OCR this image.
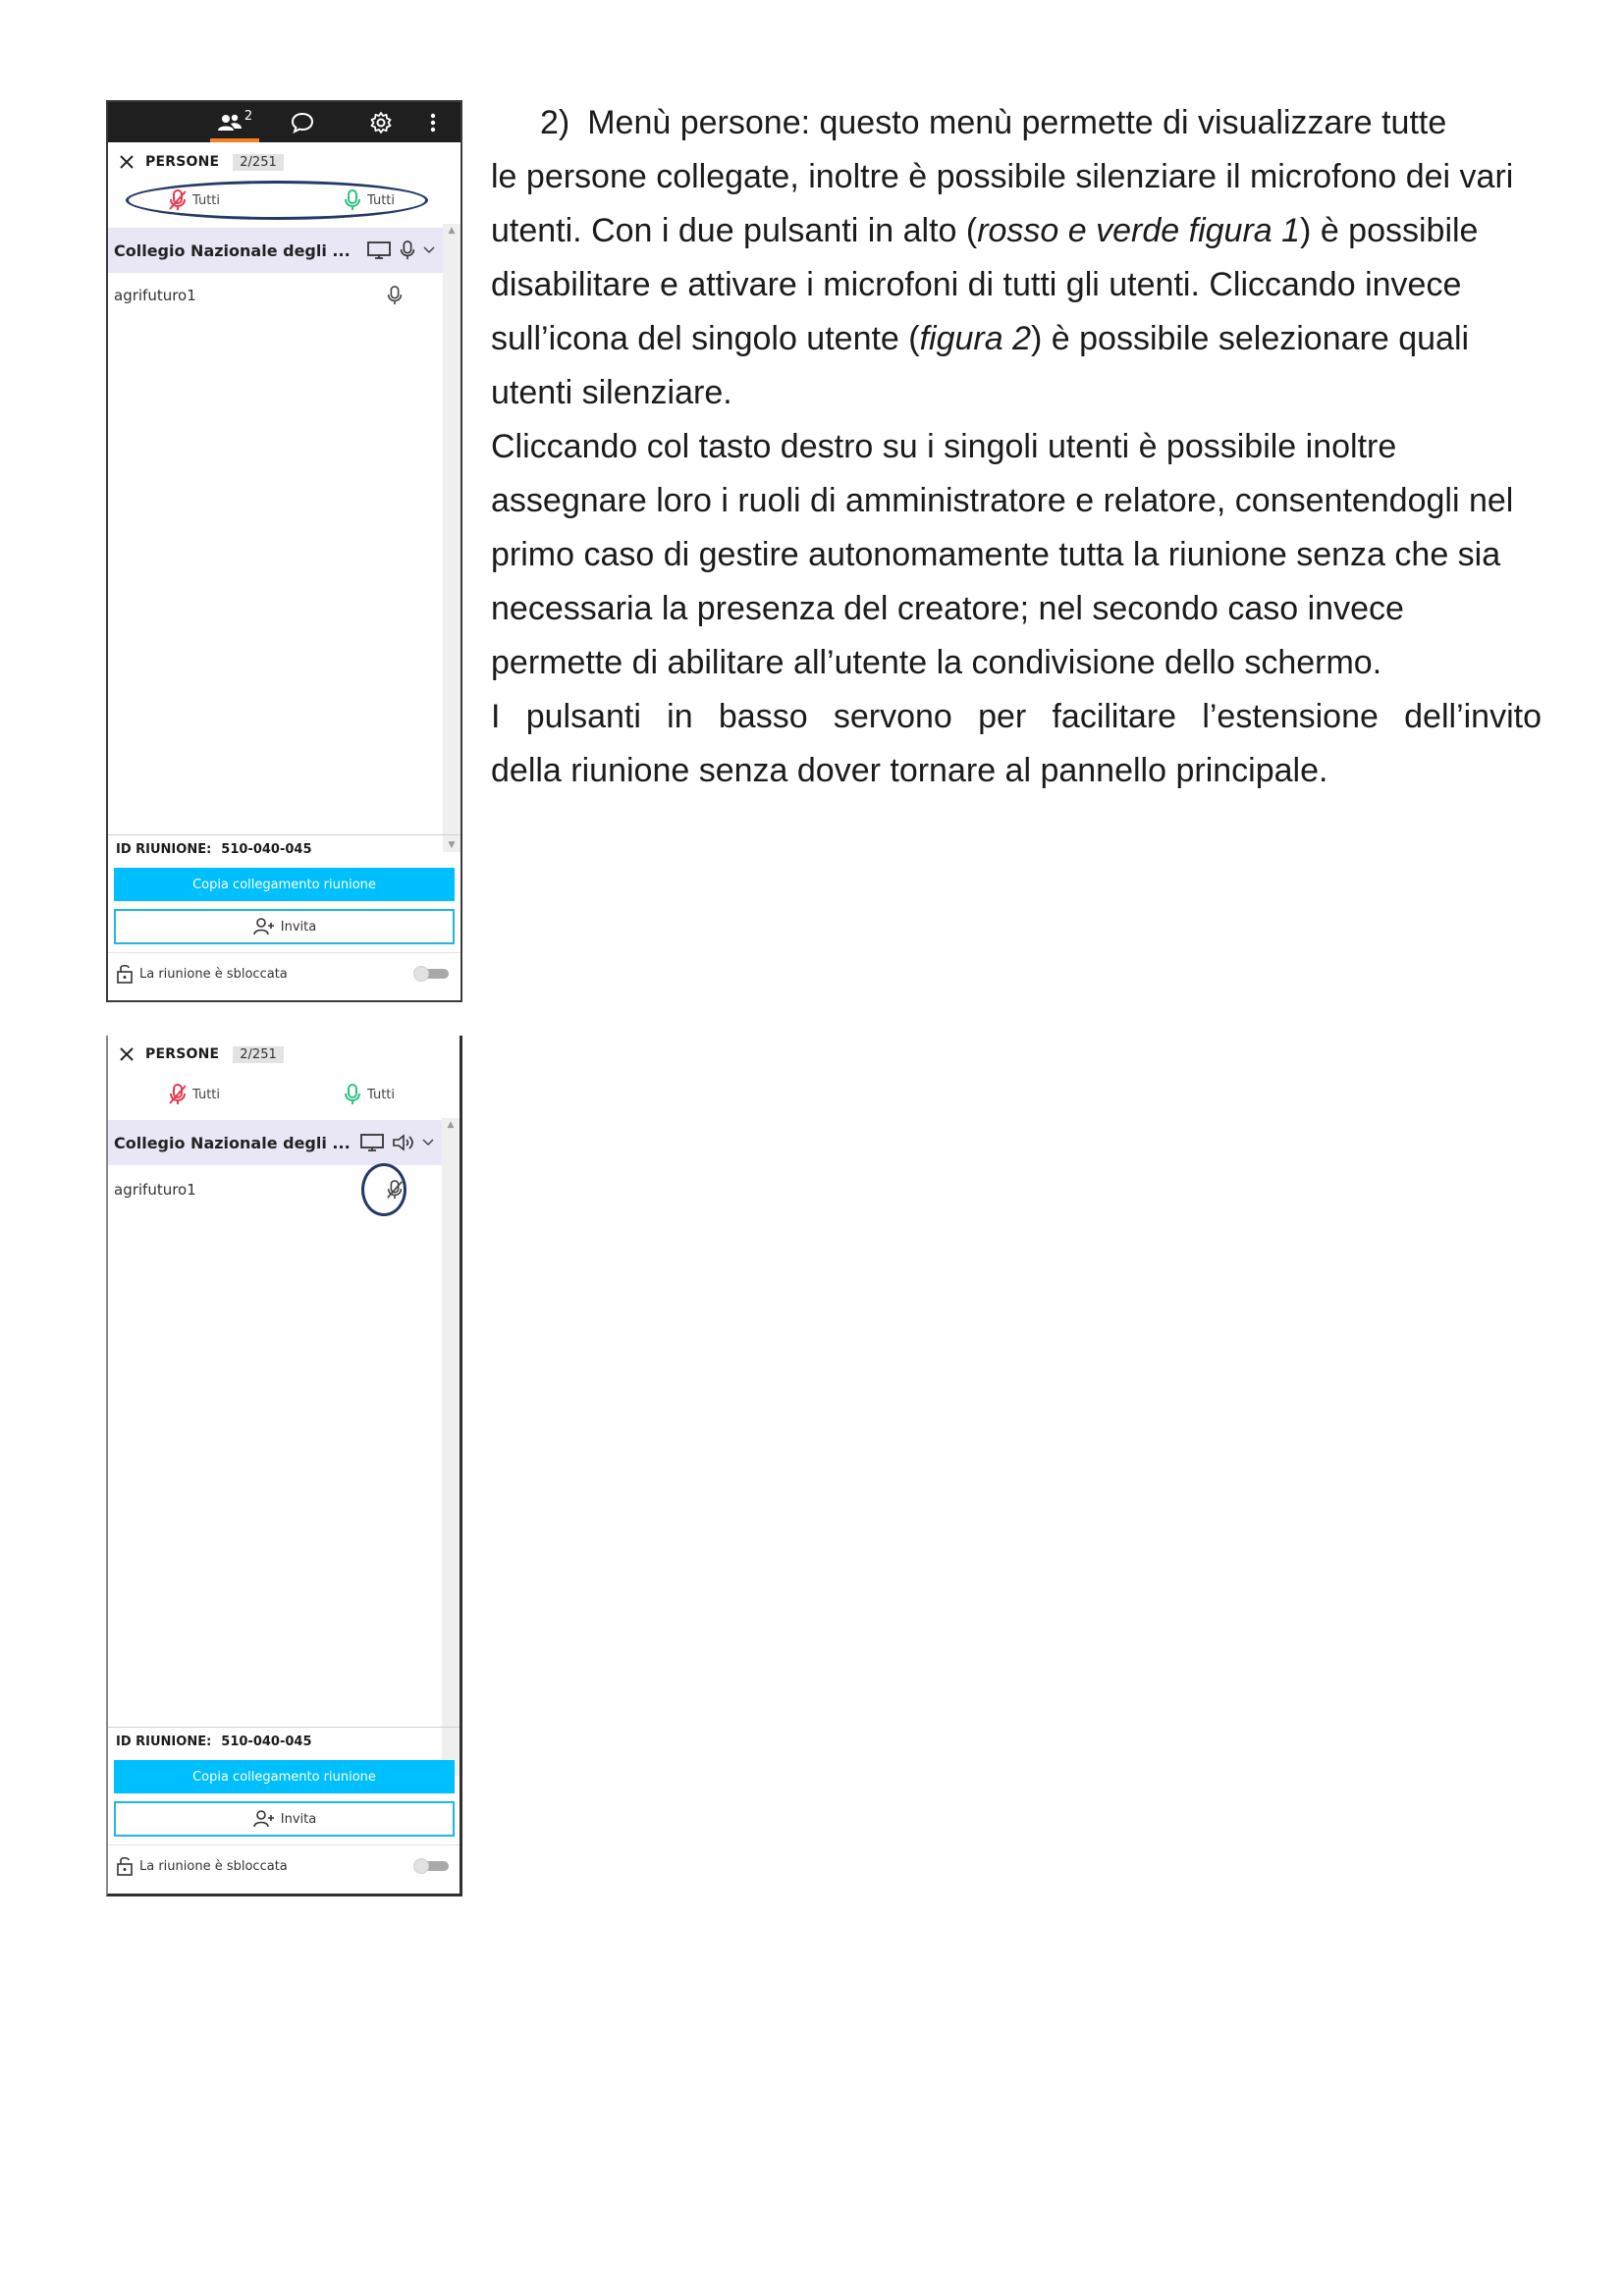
2
PERSONE	2/251
Tutti	Tutti
Collegio Nazionale degli ...
agrifuturo1
▲
▼
ID RIUNIONE: 510-040-045
Copia collegamento riunione
Invita
La riunione è sbloccata
PERSONE	2/251
Tutti	Tutti
Collegio Nazionale degli ...
agrifuturo1
▲
ID RIUNIONE: 510-040-045
Copia collegamento riunione
Invita
La riunione è sbloccata

2) Menù persone: questo menù permette di visualizzare tutte
le persone collegate, inoltre è possibile silenziare il microfono dei vari utenti. Con i due pulsanti in alto (rosso e verde figura 1) è possibile disabilitare e attivare i microfoni di tutti gli utenti. Cliccando invece sull’icona del singolo utente (figura 2) è possibile selezionare quali utenti silenziare.

Cliccando col tasto destro su i singoli utenti è possibile inoltre assegnare loro i ruoli di amministratore e relatore, consentendogli nel primo caso di gestire autonomamente tutta la riunione senza che sia necessaria la presenza del creatore; nel secondo caso invece permette di abilitare all’utente la condivisione dello schermo.

I pulsanti in basso servono per facilitare l’estensione dell’invito
della riunione senza dover tornare al pannello principale.
